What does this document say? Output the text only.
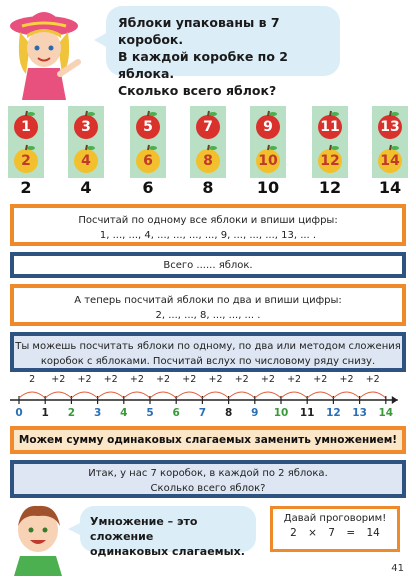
Яблоки упакованы в 7 коробок.
В каждой коробке по 2 яблока.
Сколько всего яблок?
1
2
2
3
4
4
5
6
6
7
8
8
9
10
10
11
12
12
13
14
14
Посчитай по одному все яблоки и впиши цифры:
1, ..., ..., 4, ..., ..., ..., ..., 9, ..., ..., ..., 13, ... .
Всего ...... яблок.
А теперь посчитай яблоки по два и впиши цифры:
2, ..., ..., 8, ..., ..., ... .
Ты можешь посчитать яблоки по одному, по два или методом сложения
коробок с яблоками. Посчитай вслух по числовому ряду снизу.
0
2
1
+2
2
+2
3
+2
4
+2
5
+2
6
+2
7
+2
8
+2
9
+2
10
+2
11
+2
12
+2
13
+2
14
Можем сумму одинаковых слагаемых заменить умножением!
Итак, у нас 7 коробок, в каждой по 2 яблока.
Сколько всего яблок?
Умножение – это сложение
одинаковых слагаемых.
Давай проговорим!
2 × 7 = 14
41
